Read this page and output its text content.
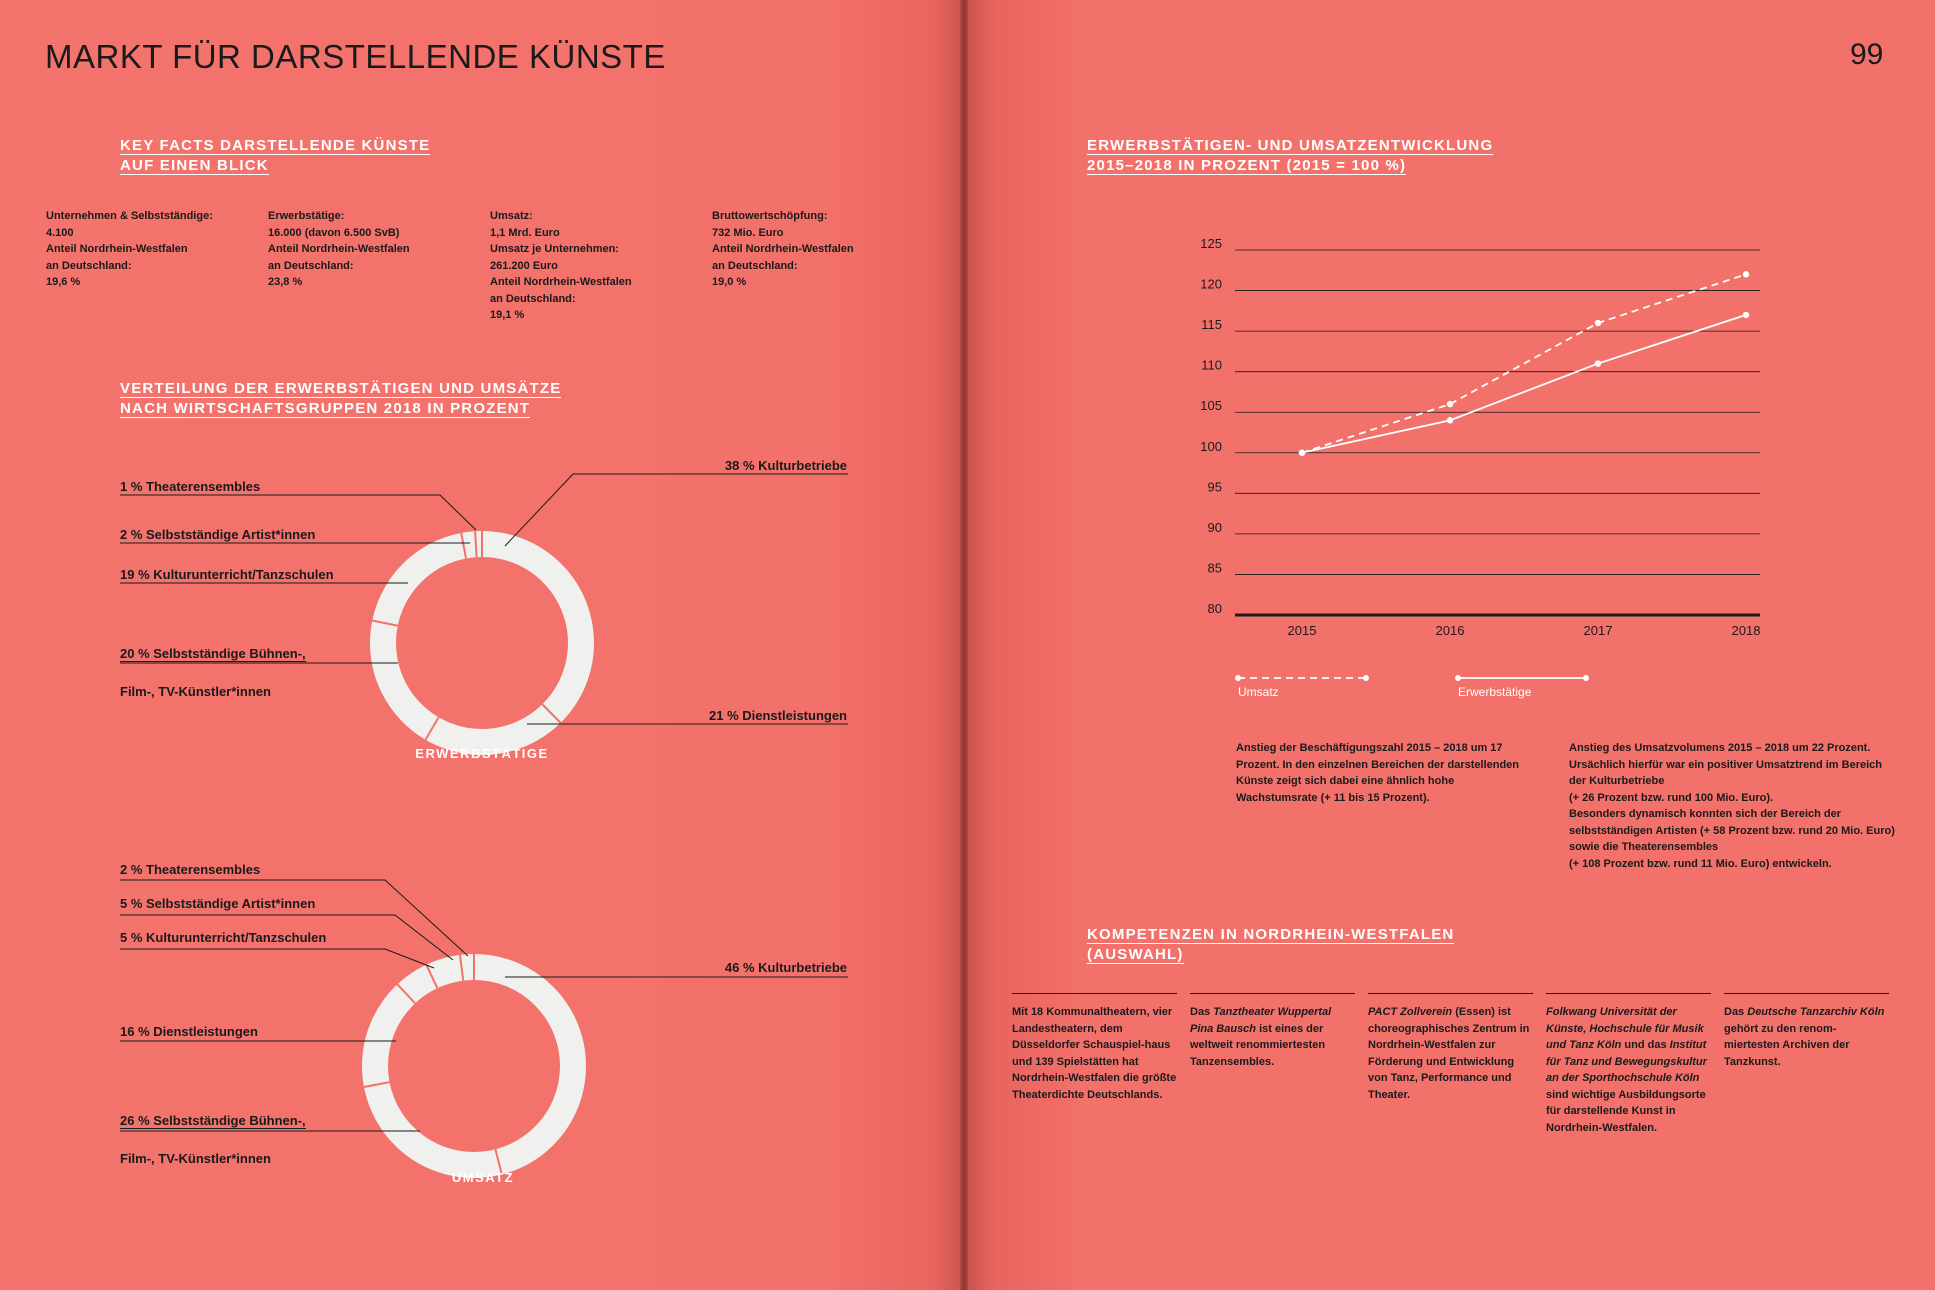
MARKT FÜR DARSTELLENDE KÜNSTE	99
KEY FACTS DARSTELLENDE KÜNSTE
AUF EINEN BLICK
Unternehmen & Selbstständige:
4.100
Anteil Nordrhein-Westfalen
an Deutschland:
19,6 %
Erwerbstätige:
16.000 (davon 6.500 SvB)
Anteil Nordrhein-Westfalen
an Deutschland:
23,8 %
Umsatz:
1,1 Mrd. Euro
Umsatz je Unternehmen:
261.200 Euro
Anteil Nordrhein-Westfalen
an Deutschland:
19,1 %
Bruttowertschöpfung:
732 Mio. Euro
Anteil Nordrhein-Westfalen
an Deutschland:
19,0 %
VERTEILUNG DER ERWERBSTÄTIGEN UND UMSÄTZE
NACH WIRTSCHAFTSGRUPPEN 2018 IN PROZENT
ERWERBSTÄTIGE
1 % Theaterensembles
2 % Selbstständige Artist*innen
19 % Kulturunterricht/Tanzschulen

20 % Selbstständige Bühnen-,

Film-, TV-Künstler*innen

38 % Kulturbetriebe
21 % Dienstleistungen
UMSATZ
2 % Theaterensembles
5 % Selbstständige Artist*innen
5 % Kulturunterricht/Tanzschulen
16 % Dienstleistungen

26 % Selbstständige Bühnen-,

Film-, TV-Künstler*innen

46 % Kulturbetriebe
ERWERBSTÄTIGEN- UND UMSATZENTWICKLUNG
2015–2018 IN PROZENT (2015 = 100 %)
125
120
115
110
105
100
95
90
85
80
2015	2016	2017	2018
Umsatz	Erwerbstätige
Anstieg der Beschäftigungszahl 2015 – 2018 um 17 Prozent. In den einzelnen Bereichen der darstellenden Künste zeigt sich dabei eine ähnlich hohe Wachstumsrate (+ 11 bis 15 Prozent).
Anstieg des Umsatzvolumens 2015 – 2018 um 22 Prozent. Ursächlich hierfür war ein positiver Umsatztrend im Bereich der Kulturbetriebe
(+ 26 Prozent bzw. rund 100 Mio. Euro).
Besonders dynamisch konnten sich der Bereich der selbstständigen Artisten (+ 58 Prozent bzw. rund 20 Mio. Euro) sowie die Theaterensembles
(+ 108 Prozent bzw. rund 11 Mio. Euro) entwickeln.
KOMPETENZEN IN NORDRHEIN-WESTFALEN
(AUSWAHL)
Mit 18 Kommunaltheatern, vier Landestheatern, dem Düsseldorfer Schauspiel-haus und 139 Spielstätten hat Nordrhein-Westfalen die größte Theaterdichte Deutschlands.
Das Tanztheater Wuppertal Pina Bausch ist eines der weltweit renommiertesten Tanzensembles.
PACT Zollverein (Essen) ist choreographisches Zentrum in Nordrhein-Westfalen zur Förderung und Entwicklung von Tanz, Performance und Theater.
Folkwang Universität der Künste, Hochschule für Musik und Tanz Köln und das Institut für Tanz und Bewegungskultur an der Sporthochschule Köln sind wichtige Ausbildungsorte für darstellende Kunst in Nordrhein-Westfalen.
Das Deutsche Tanzarchiv Köln gehört zu den renom-miertesten Archiven der Tanzkunst.
